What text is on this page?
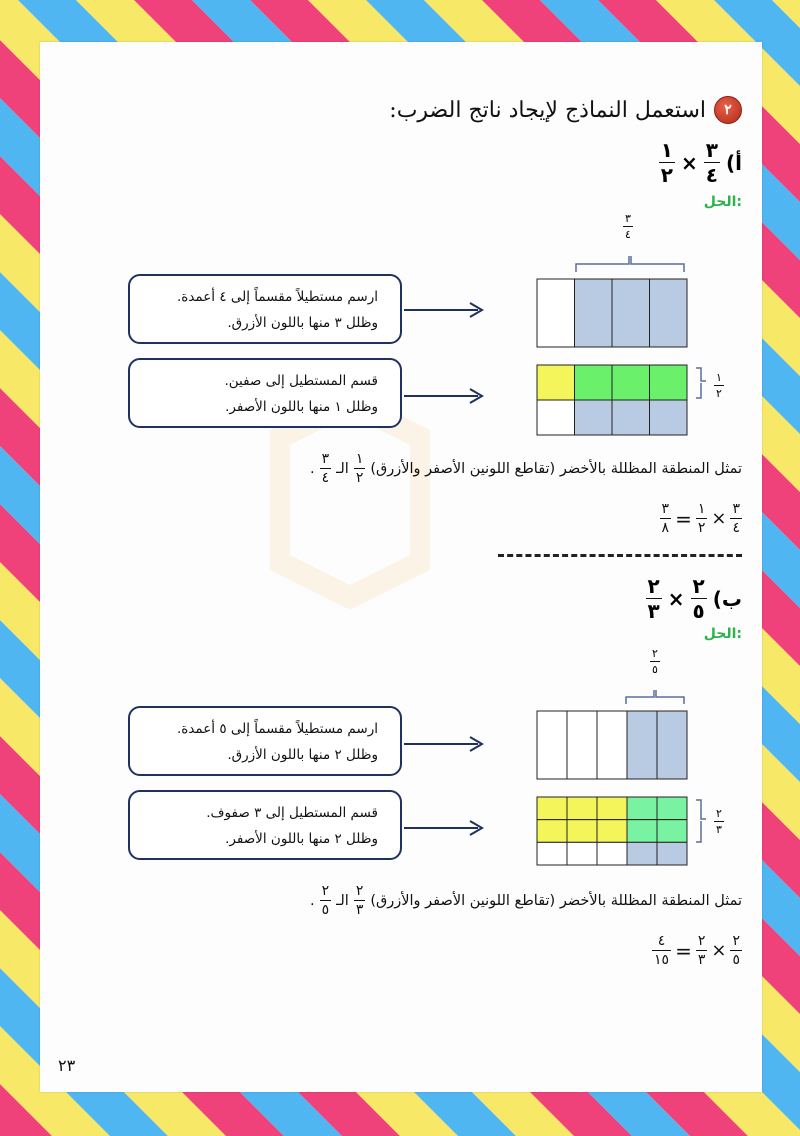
٢
استعمل النماذج لإيجاد ناتج الضرب:
أ)
$\frac{٣}{٤}$
×
$\frac{١}{٢}$
الحل:
٣
٤
ارسم مستطيلاً مقسماً إلى ٤ أعمدة.
وظلل ٣ منها باللون الأزرق.
قسم المستطيل إلى صفين.
وظلل ١ منها باللون الأصفر.
١
٢
تمثل المنطقة المظللة بالأخضر (تقاطع اللونين الأصفر والأزرق)
$\frac{١}{٢}$
الـ
$\frac{٣}{٤}$
.
$\frac{٣}{٨} = \frac{١}{٢} \times \frac{٣}{٤}$
ب)
$\frac{٢}{٥}$
×
$\frac{٢}{٣}$
الحل:
٢
٥
ارسم مستطيلاً مقسماً إلى ٥ أعمدة.
وظلل ٢ منها باللون الأزرق.
قسم المستطيل إلى ٣ صفوف.
وظلل ٢ منها باللون الأصفر.
٢
٣
تمثل المنطقة المظللة بالأخضر (تقاطع اللونين الأصفر والأزرق)
$\frac{٢}{٣}$
الـ
$\frac{٢}{٥}$
.
$\frac{٤}{١٥} = \frac{٢}{٣} \times \frac{٢}{٥}$
٢٣
